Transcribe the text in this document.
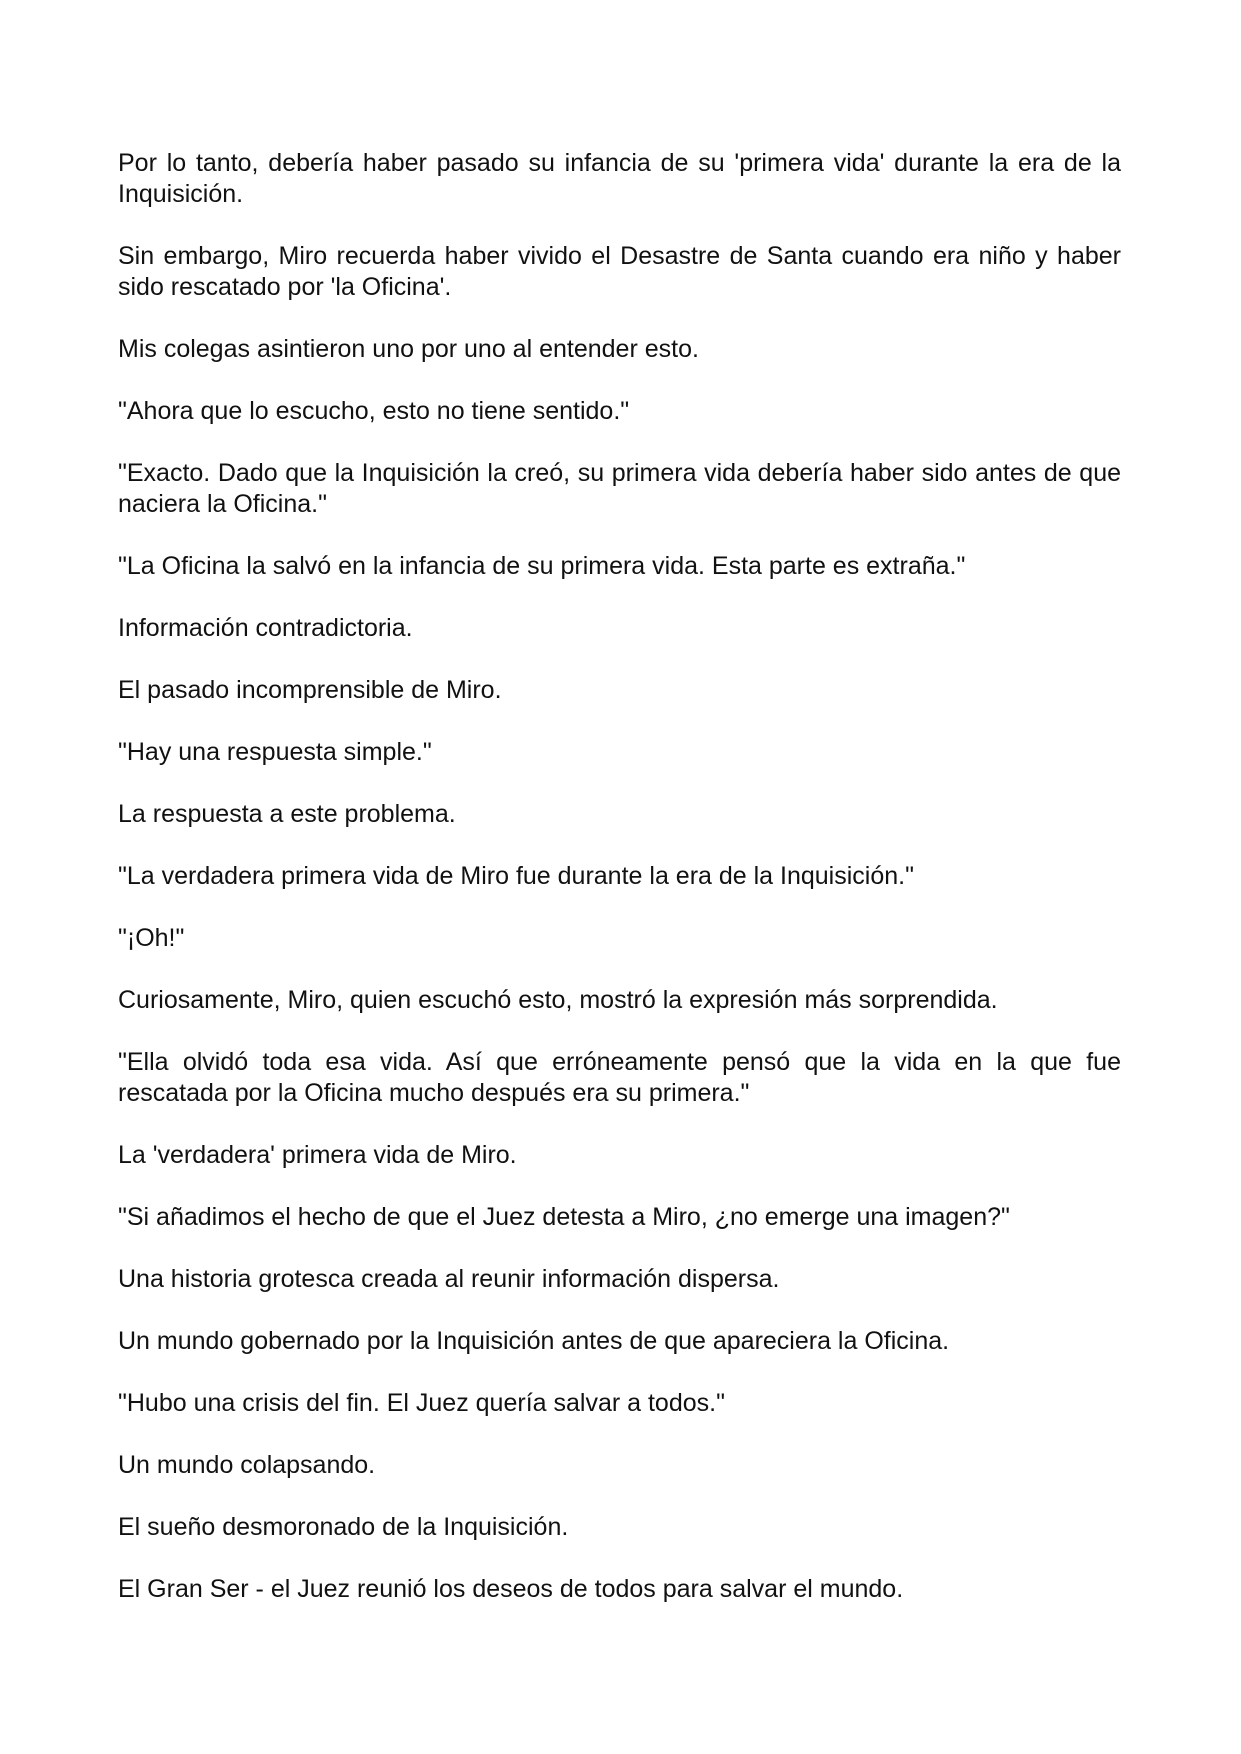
Por lo tanto, debería haber pasado su infancia de su 'primera vida' durante la era de la Inquisición.

Sin embargo, Miro recuerda haber vivido el Desastre de Santa cuando era niño y haber sido rescatado por 'la Oficina'.

Mis colegas asintieron uno por uno al entender esto.

"Ahora que lo escucho, esto no tiene sentido."

"Exacto. Dado que la Inquisición la creó, su primera vida debería haber sido antes de que naciera la Oficina."

"La Oficina la salvó en la infancia de su primera vida. Esta parte es extraña."

Información contradictoria.

El pasado incomprensible de Miro.

"Hay una respuesta simple."

La respuesta a este problema.

"La verdadera primera vida de Miro fue durante la era de la Inquisición."

"¡Oh!"

Curiosamente, Miro, quien escuchó esto, mostró la expresión más sorprendida.

"Ella olvidó toda esa vida. Así que erróneamente pensó que la vida en la que fue rescatada por la Oficina mucho después era su primera."

La 'verdadera' primera vida de Miro.

"Si añadimos el hecho de que el Juez detesta a Miro, ¿no emerge una imagen?"

Una historia grotesca creada al reunir información dispersa.

Un mundo gobernado por la Inquisición antes de que apareciera la Oficina.

"Hubo una crisis del fin. El Juez quería salvar a todos."

Un mundo colapsando.

El sueño desmoronado de la Inquisición.

El Gran Ser - el Juez reunió los deseos de todos para salvar el mundo.
